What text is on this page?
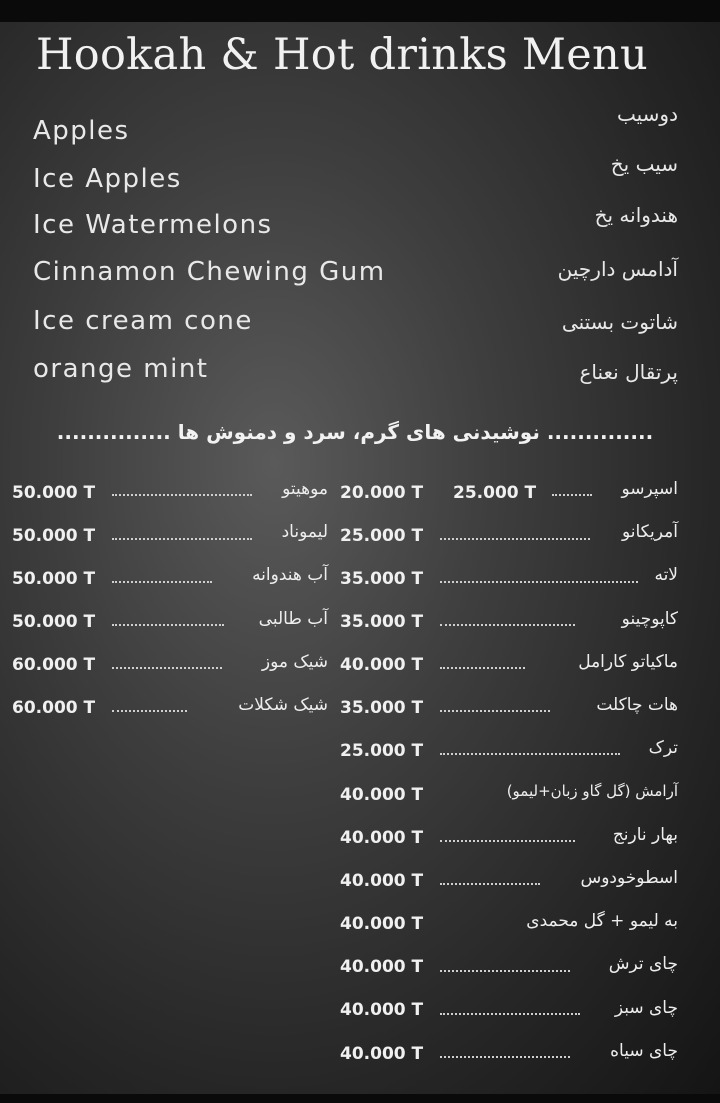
Hookah & Hot drinks Menu
Apples
دوسیب
Ice Apples	سیب یخ
Ice Watermelons	هندوانه یخ
Cinnamon Chewing Gum	آدامس دارچین
Ice cream cone	شاتوت بستنی
orange mint	پرتقال نعناع
.............. نوشیدنی های گرم، سرد و دمنوش ها ...............
اسپرسو
25.000 T
20.000 T
آمریکانو
25.000 T
لاته
35.000 T
کاپوچینو
35.000 T
ماکیاتو کارامل
40.000 T
هات چاکلت
35.000 T
ترک
25.000 T
آرامش (گل گاو زبان+لیمو)
40.000 T
بهار نارنج
40.000 T
اسطوخودوس
40.000 T
به لیمو + گل محمدی
40.000 T
چای ترش
40.000 T
چای سبز
40.000 T
چای سیاه
40.000 T
موهیتو
50.000 T
لیموناد
50.000 T
آب هندوانه
50.000 T
آب طالبی
50.000 T
شیک موز
60.000 T
شیک شکلات
60.000 T
